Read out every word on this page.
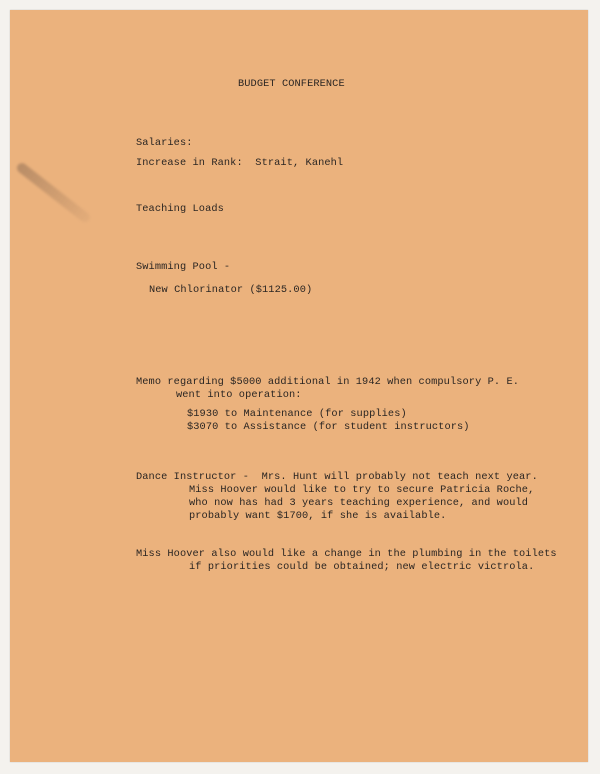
BUDGET CONFERENCE
Salaries:
Increase in Rank:  Strait, Kanehl
Teaching Loads
Swimming Pool -
New Chlorinator ($1125.00)
Memo regarding $5000 additional in 1942 when compulsory P. E.
went into operation:
$1930 to Maintenance (for supplies)
$3070 to Assistance (for student instructors)
Dance Instructor -  Mrs. Hunt will probably not teach next year.
Miss Hoover would like to try to secure Patricia Roche,
who now has had 3 years teaching experience, and would
probably want $1700, if she is available.
Miss Hoover also would like a change in the plumbing in the toilets
if priorities could be obtained; new electric victrola.
